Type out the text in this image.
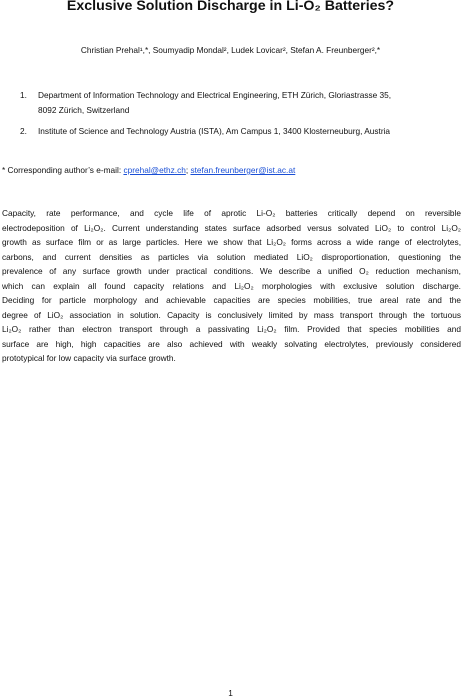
Exclusive Solution Discharge in Li-O₂ Batteries?
Christian Prehal¹,*, Soumyadip Mondal², Ludek Lovicar², Stefan A. Freunberger²,*
1. Department of Information Technology and Electrical Engineering, ETH Zürich, Gloriastrasse 35,
8092 Zürich, Switzerland
2. Institute of Science and Technology Austria (ISTA), Am Campus 1, 3400 Klosterneuburg, Austria
* Corresponding author’s e-mail: cprehal@ethz.ch; stefan.freunberger@ist.ac.at
Capacity, rate performance, and cycle life of aprotic Li-O₂ batteries critically depend on reversible
electrodeposition of Li₂O₂. Current understanding states surface adsorbed versus solvated LiO₂ to control Li₂O₂
growth as surface film or as large particles. Here we show that Li₂O₂ forms across a wide range of electrolytes,
carbons, and current densities as particles via solution mediated LiO₂ disproportionation, questioning the
prevalence of any surface growth under practical conditions. We describe a unified O₂ reduction mechanism,
which can explain all found capacity relations and Li₂O₂ morphologies with exclusive solution discharge.
Deciding for particle morphology and achievable capacities are species mobilities, true areal rate and the
degree of LiO₂ association in solution. Capacity is conclusively limited by mass transport through the tortuous
Li₂O₂ rather than electron transport through a passivating Li₂O₂ film. Provided that species mobilities and
surface are high, high capacities are also achieved with weakly solvating electrolytes, previously considered
prototypical for low capacity via surface growth.
1
